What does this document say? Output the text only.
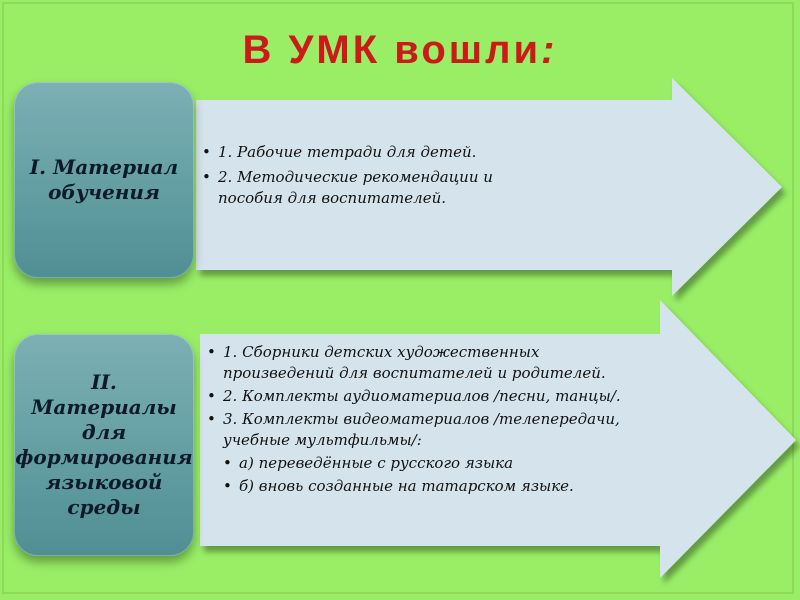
В УМК вошли:
I. Материал
обучения
• 1. Рабочие тетради для детей.
• 2. Методические рекомендации и пособия для воспитателей.
II.
Материалы
для
формирования
языковой
среды
• 1. Сборники детских художественных произведений для воспитателей и родителей.
• 2. Комплекты аудиоматериалов /песни, танцы/.
• 3. Комплекты видеоматериалов /телепередачи, учебные мультфильмы/:
• а) переведённые с русского языка
• б) вновь созданные на татарском языке.
